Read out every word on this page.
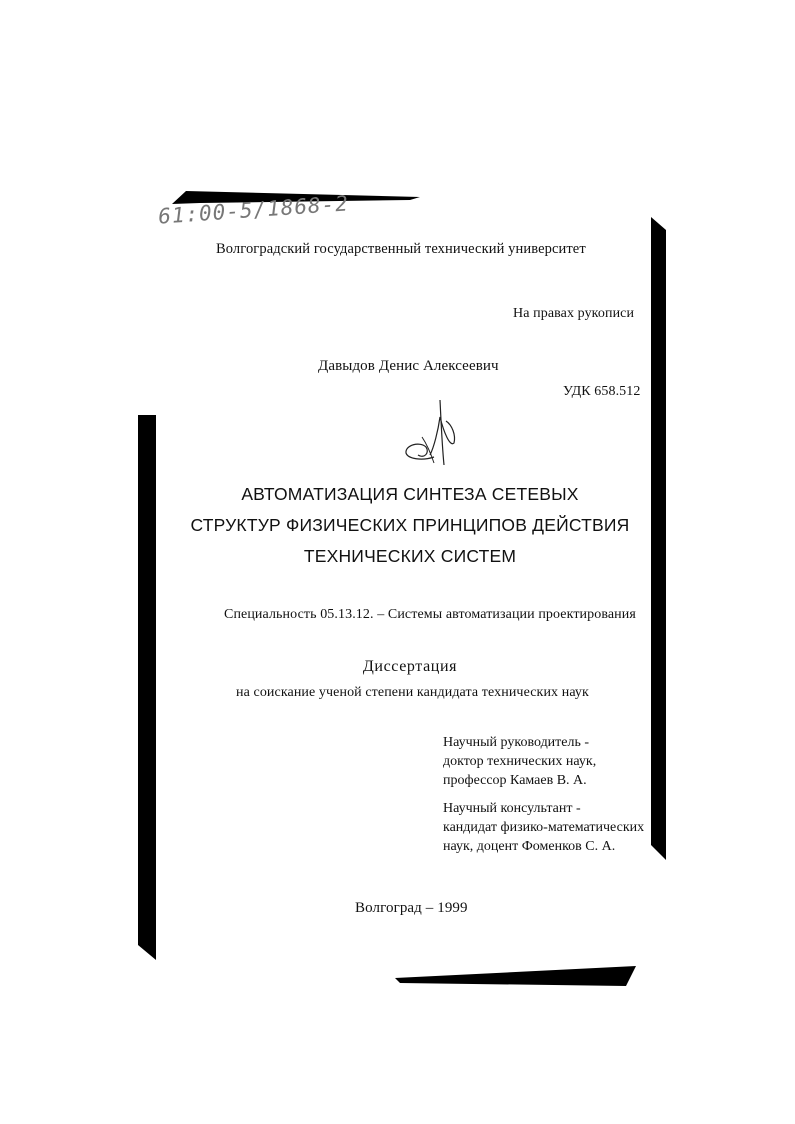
61:00-5/1868-2
Волгоградский государственный технический университет
На правах рукописи
Давыдов Денис Алексеевич
УДК 658.512
АВТОМАТИЗАЦИЯ СИНТЕЗА СЕТЕВЫХ
СТРУКТУР ФИЗИЧЕСКИХ ПРИНЦИПОВ ДЕЙСТВИЯ
ТЕХНИЧЕСКИХ СИСТЕМ
Специальность 05.13.12. – Системы автоматизации проектирования
Диссертация
на соискание ученой степени кандидата технических наук
Научный руководитель -
доктор технических наук,
профессор Камаев В. А.
Научный консультант -
кандидат физико-математических
наук, доцент Фоменков С. А.
Волгоград – 1999
